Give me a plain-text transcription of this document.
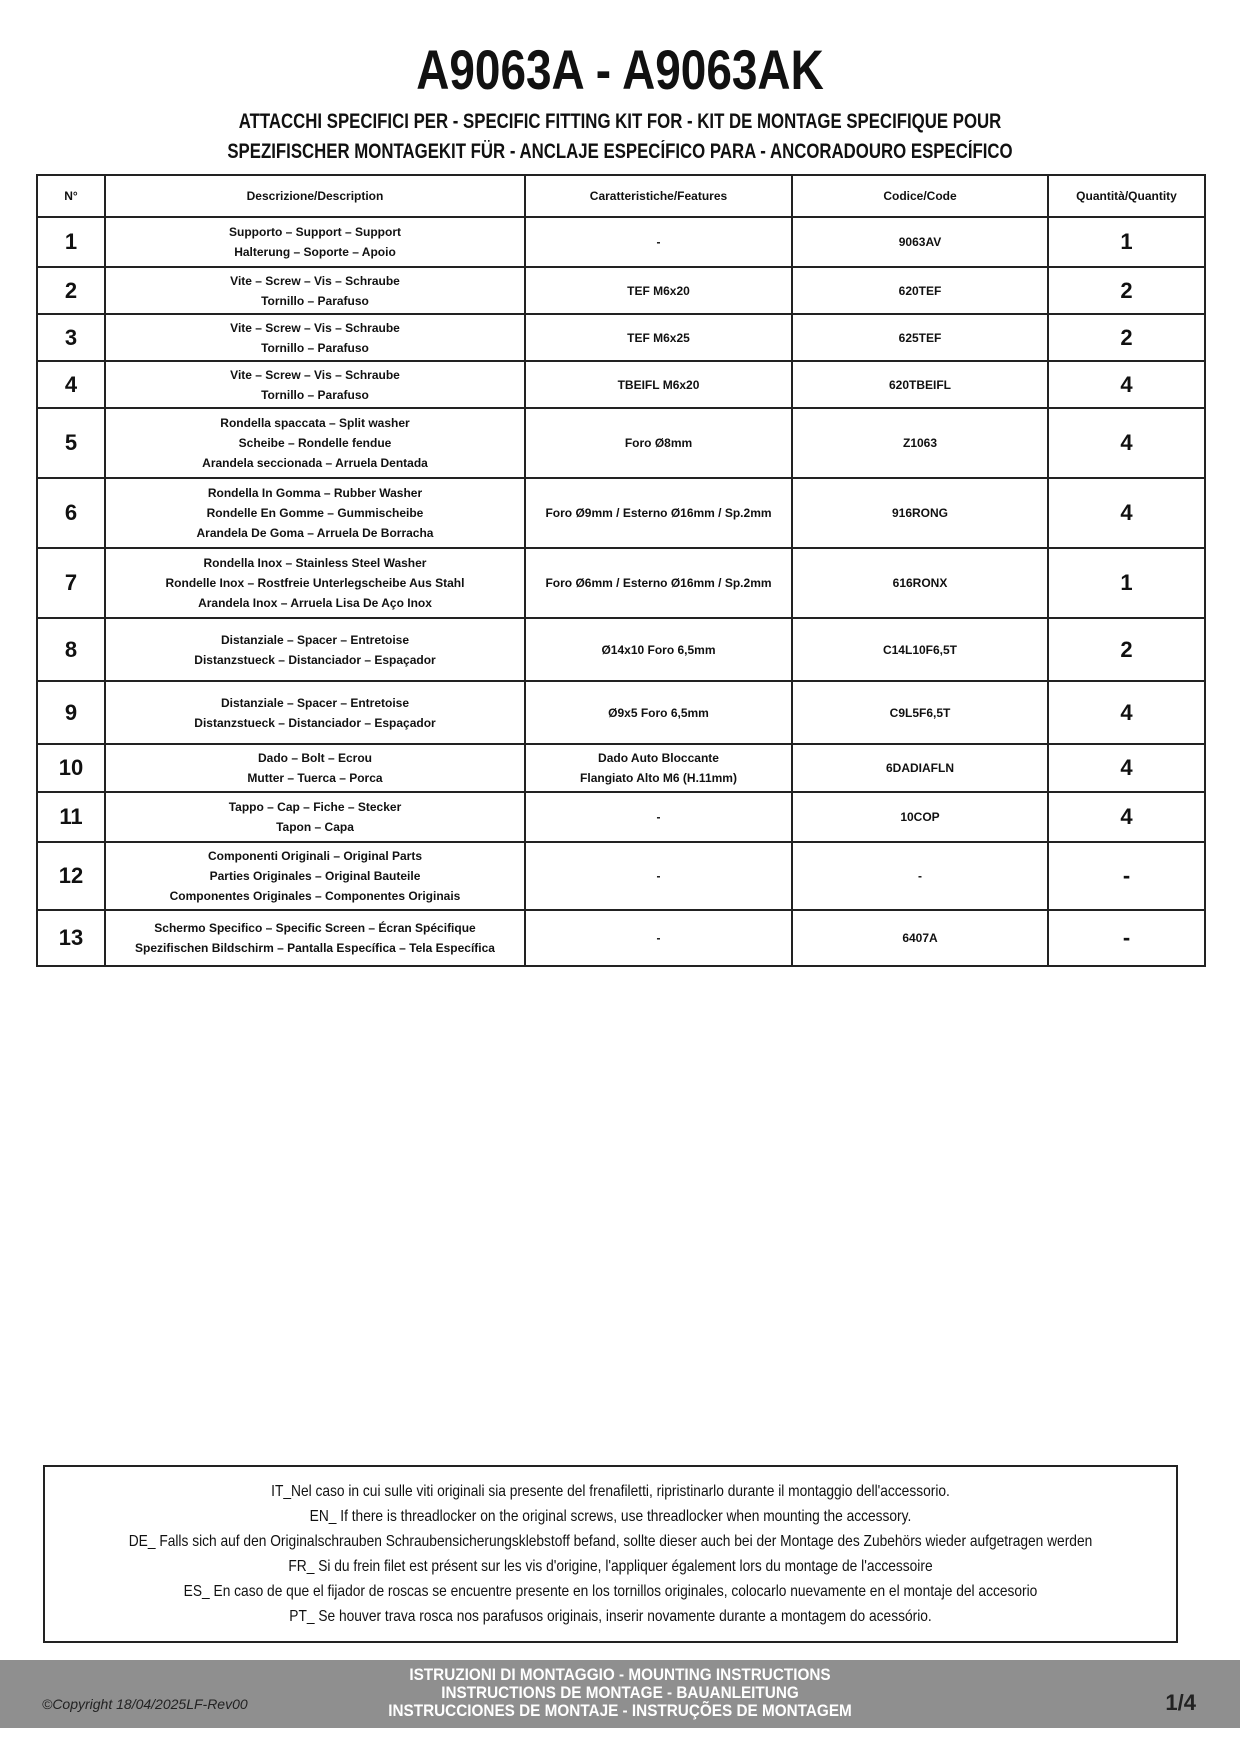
A9063A - A9063AK
ATTACCHI SPECIFICI PER - SPECIFIC FITTING KIT FOR - KIT DE MONTAGE SPECIFIQUE POUR
SPEZIFISCHER MONTAGEKIT FÜR - ANCLAJE ESPECÍFICO PARA - ANCORADOURO ESPECÍFICO
N°	Descrizione/Description	Caratteristiche/Features	Codice/Code	Quantità/Quantity
1	Supporto – Support – Support
Halterung – Soporte – Apoio	-	9063AV	1
2	Vite – Screw – Vis – Schraube
Tornillo – Parafuso	TEF M6x20	620TEF	2
3	Vite – Screw – Vis – Schraube
Tornillo – Parafuso	TEF M6x25	625TEF	2
4	Vite – Screw – Vis – Schraube
Tornillo – Parafuso	TBEIFL M6x20	620TBEIFL	4
5	Rondella spaccata – Split washer
Scheibe – Rondelle fendue
Arandela seccionada – Arruela Dentada	Foro Ø8mm	Z1063	4
6	Rondella In Gomma – Rubber Washer
Rondelle En Gomme – Gummischeibe
Arandela De Goma – Arruela De Borracha	Foro Ø9mm / Esterno Ø16mm / Sp.2mm	916RONG	4
7	Rondella Inox – Stainless Steel Washer
Rondelle Inox – Rostfreie Unterlegscheibe Aus Stahl
Arandela Inox – Arruela Lisa De Aço Inox	Foro Ø6mm / Esterno Ø16mm / Sp.2mm	616RONX	1
8	Distanziale – Spacer – Entretoise
Distanzstueck – Distanciador – Espaçador	Ø14x10 Foro 6,5mm	C14L10F6,5T	2
9	Distanziale – Spacer – Entretoise
Distanzstueck – Distanciador – Espaçador	Ø9x5 Foro 6,5mm	C9L5F6,5T	4
10	Dado – Bolt – Ecrou
Mutter – Tuerca – Porca	Dado Auto Bloccante
Flangiato Alto M6 (H.11mm)	6DADIAFLN	4
11	Tappo – Cap – Fiche – Stecker
Tapon – Capa	-	10COP	4
12	Componenti Originali – Original Parts
Parties Originales – Original Bauteile
Componentes Originales – Componentes Originais	-	-	-
13	Schermo Specifico – Specific Screen – Écran Spécifique
Spezifischen Bildschirm – Pantalla Específica – Tela Específica	-	6407A	-
IT_Nel caso in cui sulle viti originali sia presente del frenafiletti, ripristinarlo durante il montaggio dell'accessorio.
EN_ If there is threadlocker on the original screws, use threadlocker when mounting the accessory.
DE_ Falls sich auf den Originalschrauben Schraubensicherungsklebstoff befand, sollte dieser auch bei der Montage des Zubehörs wieder aufgetragen werden
FR_ Si du frein filet est présent sur les vis d'origine, l'appliquer également lors du montage de l'accessoire
ES_ En caso de que el fijador de roscas se encuentre presente en los tornillos originales, colocarlo nuevamente en el montaje del accesorio
PT_ Se houver trava rosca nos parafusos originais, inserir novamente durante a montagem do acessório.
ISTRUZIONI DI MONTAGGIO - MOUNTING INSTRUCTIONS
INSTRUCTIONS DE MONTAGE - BAUANLEITUNG
INSTRUCCIONES DE MONTAJE - INSTRUÇÕES DE MONTAGEM
©Copyright 18/04/2025LF-Rev00	1/4
